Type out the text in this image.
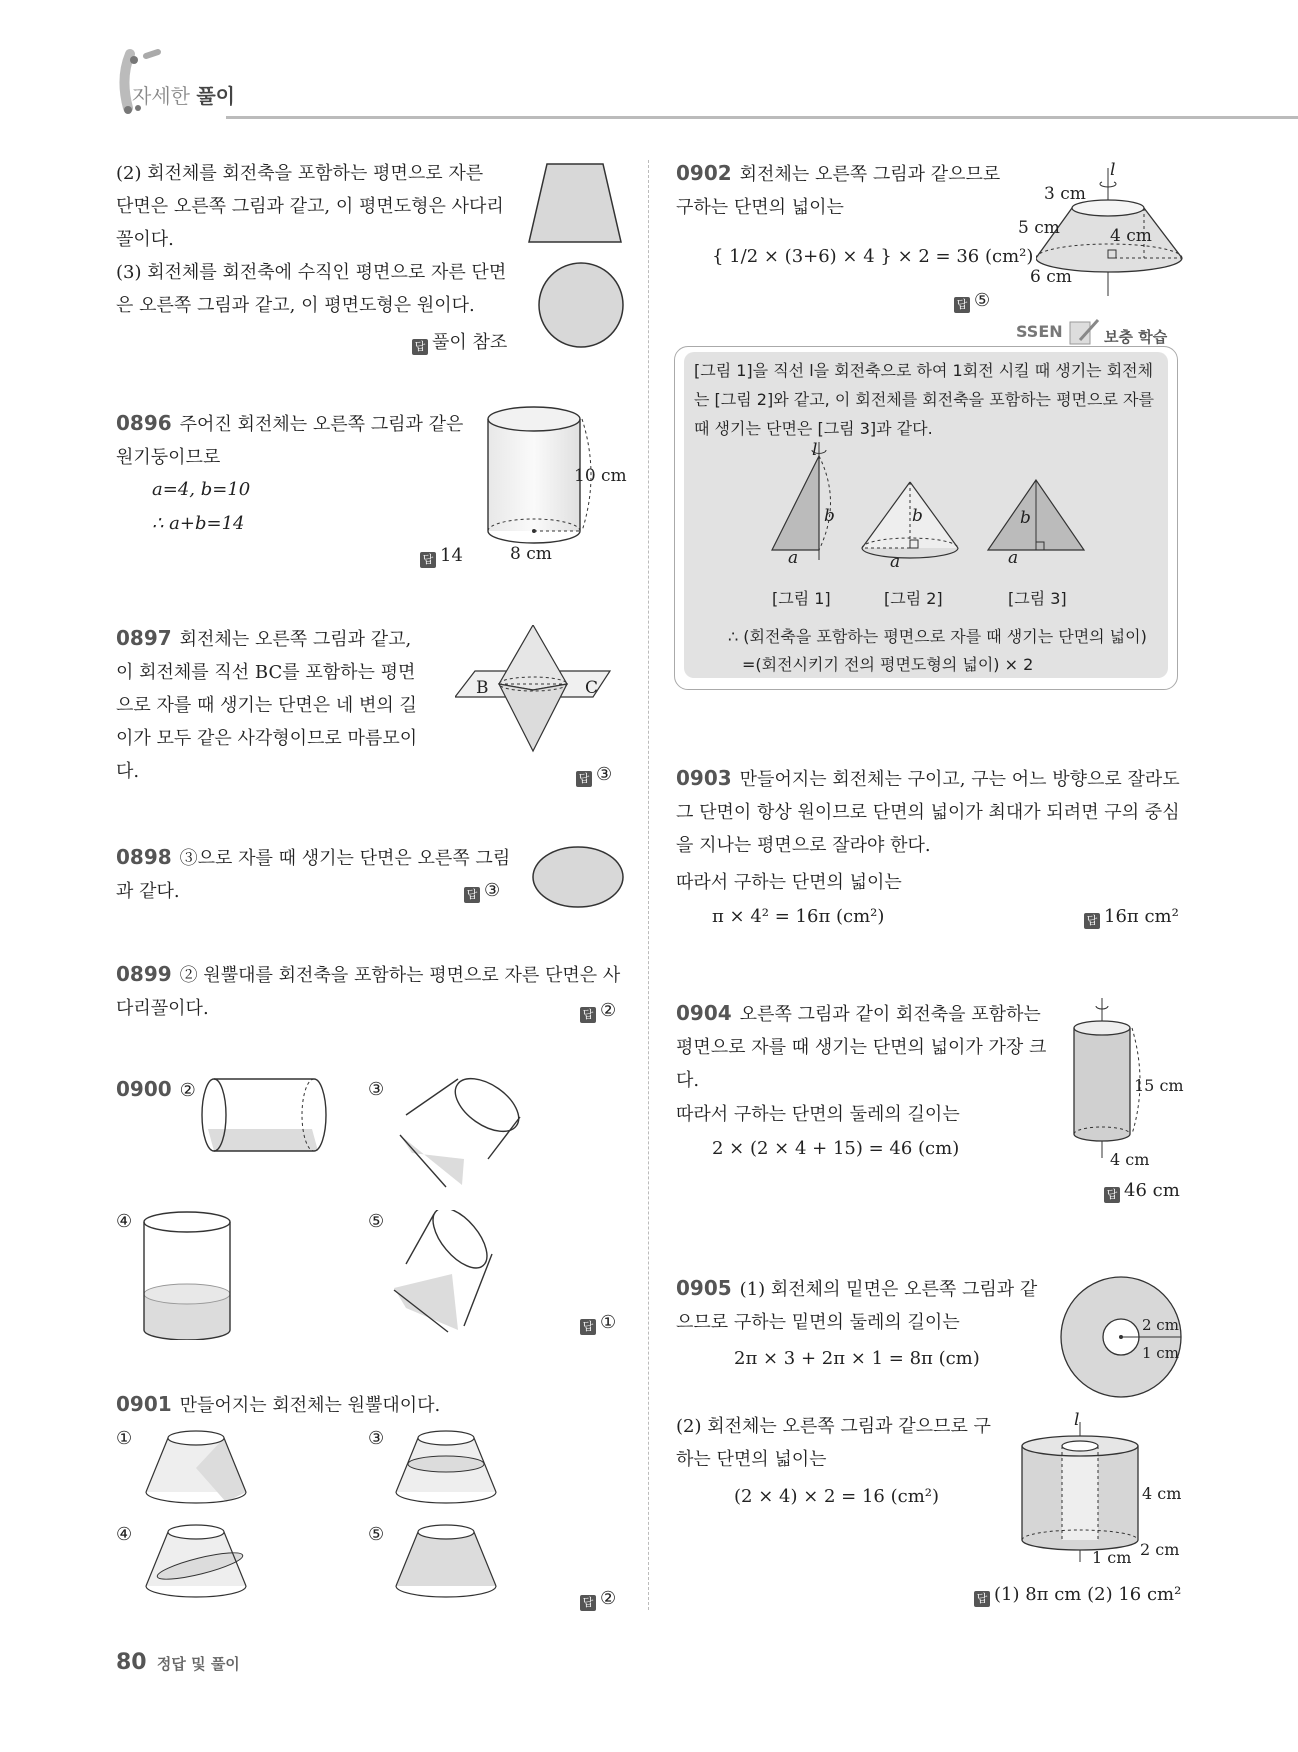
자세한 풀이
(2) 회전체를 회전축을 포함하는 평면으로 자른 단면은 오른쪽 그림과 같고, 이 평면도형은 사다리꼴이다.
(3) 회전체를 회전축에 수직인 평면으로 자른 단면은 오른쪽 그림과 같고, 이 평면도형은 원이다.
답 풀이 참조
0896 주어진 회전체는 오른쪽 그림과 같은 원기둥이므로
a=4, b=10
∴ a+b=14
10 cm
8 cm
답 14
0897 회전체는 오른쪽 그림과 같고, 이 회전체를 직선 BC를 포함하는 평면으로 자를 때 생기는 단면은 네 변의 길이가 모두 같은 사각형이므로 마름모이다.
B	C
답 ③
0898 ③으로 자를 때 생기는 단면은 오른쪽 그림과 같다.	답 ③
0899 ② 원뿔대를 회전축을 포함하는 평면으로 자른 단면은 사다리꼴이다.	답 ②
0900 ②	③
④	⑤
답 ①
0901 만들어지는 회전체는 원뿔대이다.
①	③
④	⑤
답 ②
0902 회전체는 오른쪽 그림과 같으므로 구하는 단면의 넓이는
{ 1/2 × (3+6) × 4 } × 2 = 36 (cm²)
l
3 cm
5 cm	4 cm
6 cm
답 ⑤
SSEN	보충 학습
[그림 1]을 직선 l을 회전축으로 하여 1회전 시킬 때 생기는 회전체는 [그림 2]와 같고, 이 회전체를 회전축을 포함하는 평면으로 자를 때 생기는 단면은 [그림 3]과 같다.
l
b
a
b
a
b
a
[그림 1]	[그림 2]	[그림 3]
∴ (회전축을 포함하는 평면으로 자를 때 생기는 단면의 넓이)
=(회전시키기 전의 평면도형의 넓이) × 2
0903 만들어지는 회전체는 구이고, 구는 어느 방향으로 잘라도 그 단면이 항상 원이므로 단면의 넓이가 최대가 되려면 구의 중심을 지나는 평면으로 잘라야 한다.
따라서 구하는 단면의 넓이는
π × 4² = 16π (cm²)	답 16π cm²
0904 오른쪽 그림과 같이 회전축을 포함하는 평면으로 자를 때 생기는 단면의 넓이가 가장 크다.
따라서 구하는 단면의 둘레의 길이는
2 × (2 × 4 + 15) = 46 (cm)
15 cm
4 cm
답 46 cm
0905 (1) 회전체의 밑면은 오른쪽 그림과 같으므로 구하는 밑면의 둘레의 길이는
2π × 3 + 2π × 1 = 8π (cm)
2 cm
1 cm
(2) 회전체는 오른쪽 그림과 같으므로 구하는 단면의 넓이는
(2 × 4) × 2 = 16 (cm²)
l
4 cm
1 cm 2 cm
답 (1) 8π cm (2) 16 cm²
80 정답 및 풀이
